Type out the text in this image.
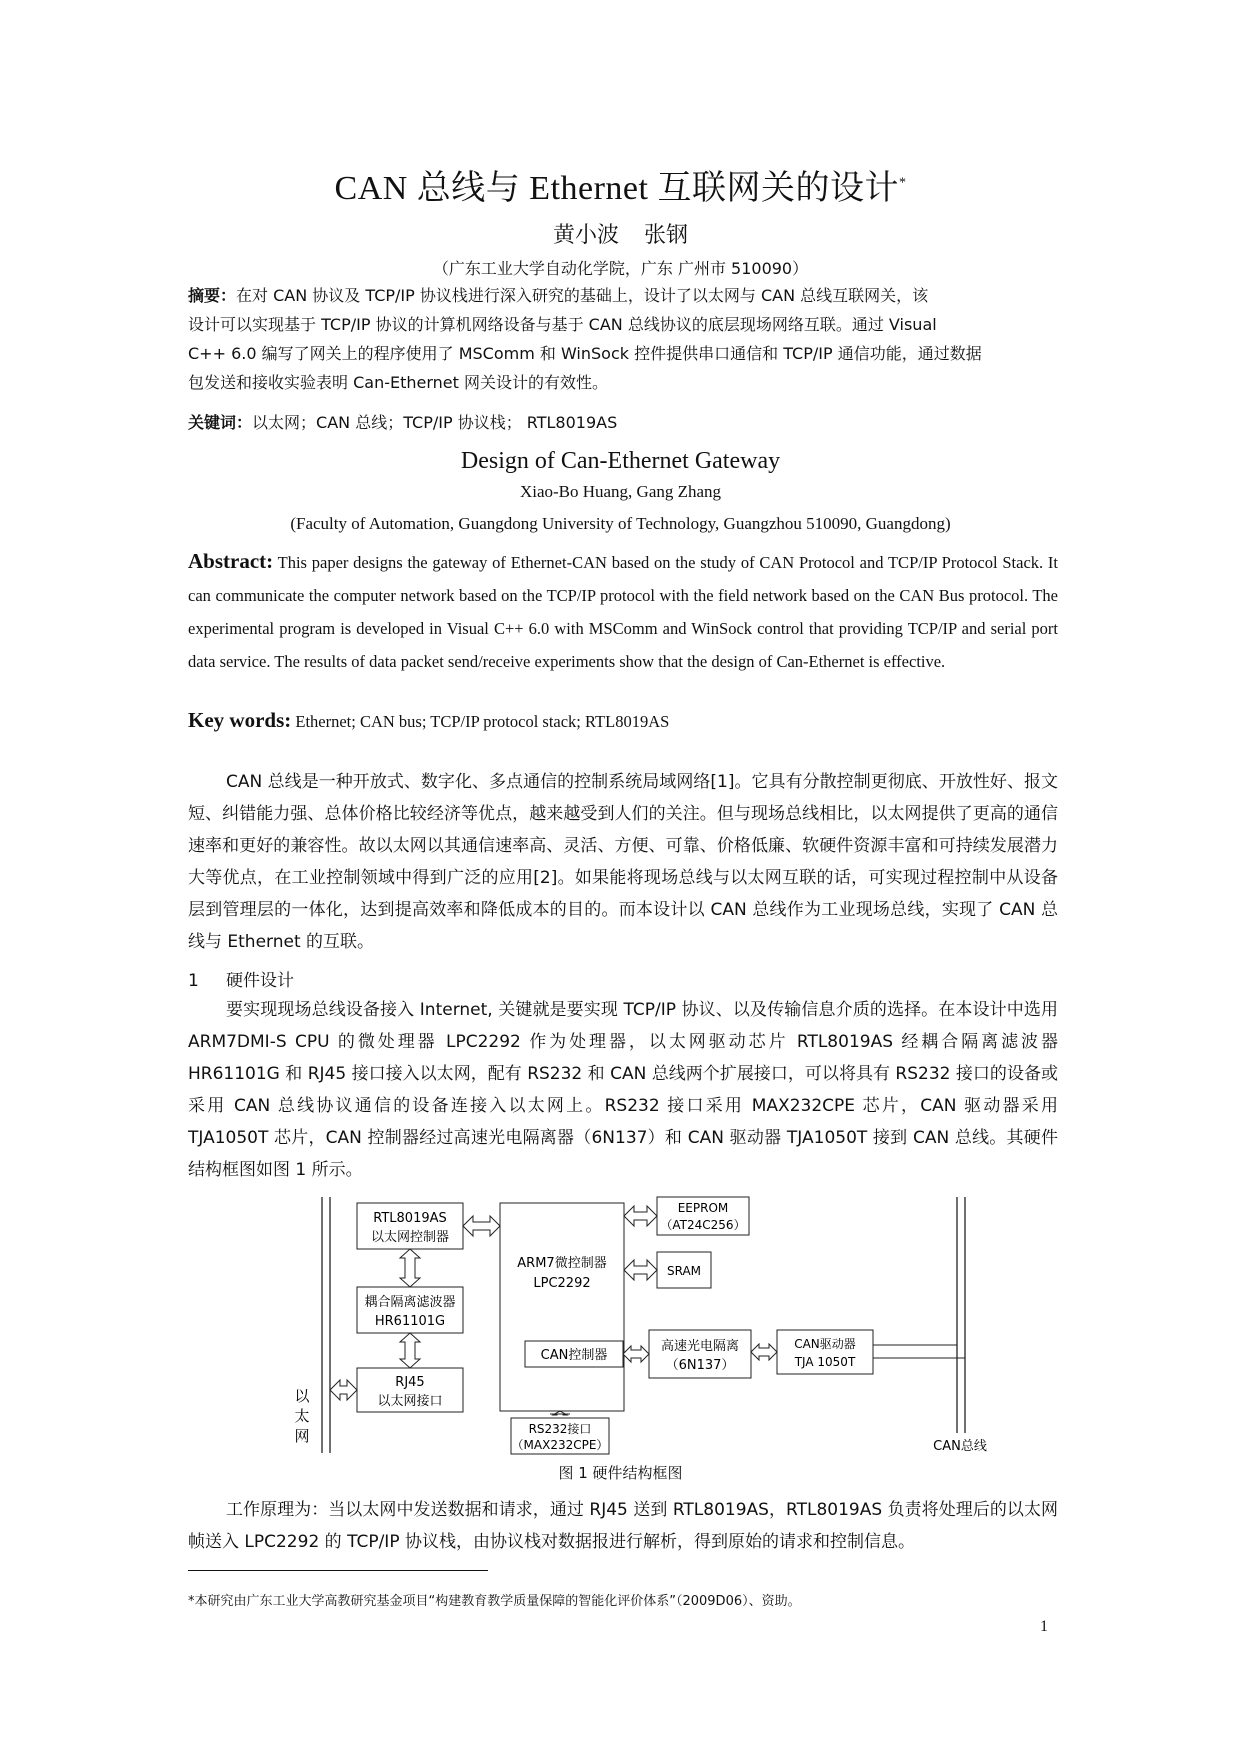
CAN 总线与 Ethernet 互联网关的设计*
黄小波 张钢
（广东工业大学自动化学院，广东 广州市 510090）
摘要：在对 CAN 协议及 TCP/IP 协议栈进行深入研究的基础上，设计了以太网与 CAN 总线互联网关，该
设计可以实现基于 TCP/IP 协议的计算机网络设备与基于 CAN 总线协议的底层现场网络互联。通过 Visual
C++ 6.0 编写了网关上的程序使用了 MSComm 和 WinSock 控件提供串口通信和 TCP/IP 通信功能，通过数据
包发送和接收实验表明 Can-Ethernet 网关设计的有效性。
关键词：以太网；CAN 总线；TCP/IP 协议栈； RTL8019AS
Design of Can-Ethernet Gateway
Xiao-Bo Huang, Gang Zhang
(Faculty of Automation, Guangdong University of Technology, Guangzhou 510090, Guangdong)
Abstract: This paper designs the gateway of Ethernet-CAN based on the study of CAN Protocol and TCP/IP Protocol Stack. It can communicate the computer network based on the TCP/IP protocol with the field network based on the CAN Bus protocol. The experimental program is developed in Visual C++ 6.0 with MSComm and WinSock control that providing TCP/IP and serial port data service. The results of data packet send/receive experiments show that the design of Can-Ethernet is effective.
Key words: Ethernet; CAN bus; TCP/IP protocol stack; RTL8019AS
CAN 总线是一种开放式、数字化、多点通信的控制系统局域网络[1]。它具有分散控制更彻底、开放性好、报文短、纠错能力强、总体价格比较经济等优点，越来越受到人们的关注。但与现场总线相比，以太网提供了更高的通信速率和更好的兼容性。故以太网以其通信速率高、灵活、方便、可靠、价格低廉、软硬件资源丰富和可持续发展潜力大等优点，在工业控制领域中得到广泛的应用[2]。如果能将现场总线与以太网互联的话，可实现过程控制中从设备层到管理层的一体化，达到提高效率和降低成本的目的。而本设计以 CAN 总线作为工业现场总线，实现了 CAN 总线与 Ethernet 的互联。
1 硬件设计
要实现现场总线设备接入 Internet, 关键就是要实现 TCP/IP 协议、以及传输信息介质的选择。在本设计中选用 ARM7DMI-S CPU 的微处理器 LPC2292 作为处理器，以太网驱动芯片 RTL8019AS 经耦合隔离滤波器 HR61101G 和 RJ45 接口接入以太网，配有 RS232 和 CAN 总线两个扩展接口，可以将具有 RS232 接口的设备或采用 CAN 总线协议通信的设备连接入以太网上。RS232 接口采用 MAX232CPE 芯片，CAN 驱动器采用 TJA1050T 芯片，CAN 控制器经过高速光电隔离器（6N137）和 CAN 驱动器 TJA1050T 接到 CAN 总线。其硬件结构框图如图 1 所示。
以
太
网
RTL8019AS
以太网控制器
耦合隔离滤波器
HR61101G
RJ45
以太网接口
ARM7微控制器
LPC2292
CAN控制器
EEPROM
（AT24C256）
SRAM
高速光电隔离
（6N137）
CAN驱动器
TJA 1050T
RS232接口
（MAX232CPE）	CAN总线
图 1 硬件结构框图
工作原理为：当以太网中发送数据和请求，通过 RJ45 送到 RTL8019AS，RTL8019AS 负责将处理后的以太网帧送入 LPC2292 的 TCP/IP 协议栈，由协议栈对数据报进行解析，得到原始的请求和控制信息。
*本研究由广东工业大学高教研究基金项目“构建教育教学质量保障的智能化评价体系”（2009D06）、资助。
1
